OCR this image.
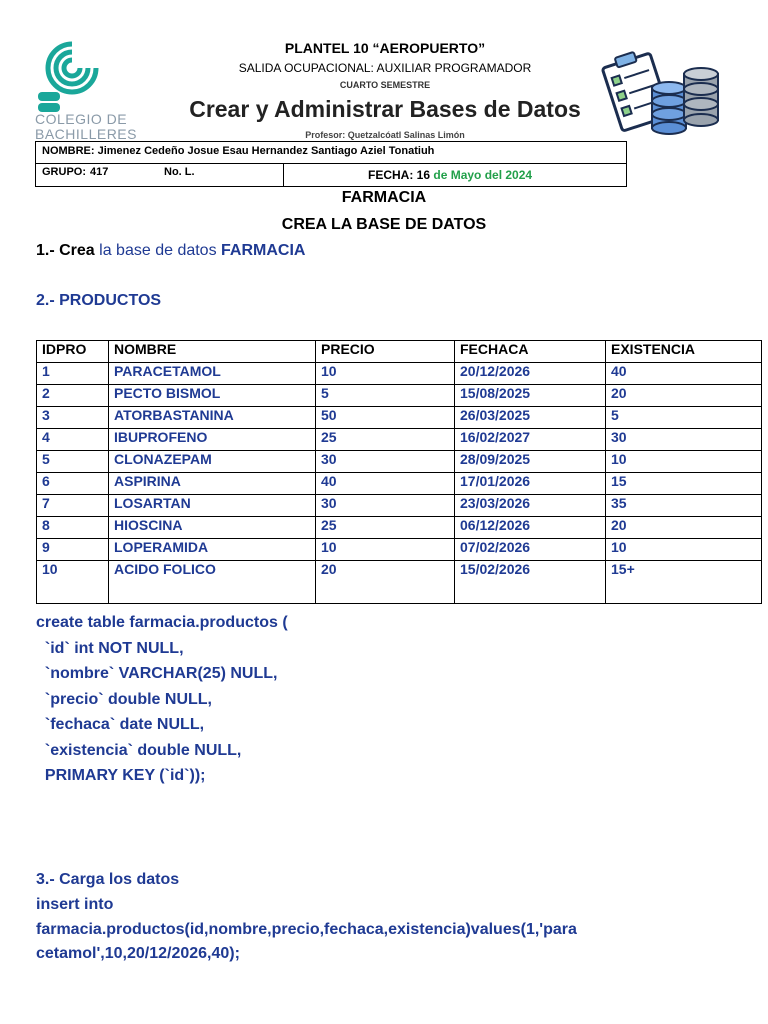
COLEGIO DE
BACHILLERES
PLANTEL 10 “AEROPUERTO”
SALIDA OCUPACIONAL: AUXILIAR PROGRAMADOR
CUARTO SEMESTRE
Crear y Administrar Bases de Datos
Profesor: Quetzalcóatl Salinas Limón
NOMBRE: Jimenez Cedeño Josue Esau Hernandez Santiago Aziel Tonatiuh
GRUPO: 417	No. L.	FECHA: 16 de Mayo del 2024
FARMACIA
CREA LA BASE DE DATOS
1.- Crea la base de datos FARMACIA
2.- PRODUCTOS
IDPRO	NOMBRE	PRECIO	FECHACA	EXISTENCIA
1	PARACETAMOL	10	20/12/2026	40
2	PECTO BISMOL	5	15/08/2025	20
3	ATORBASTANINA	50	26/03/2025	5
4	IBUPROFENO	25	16/02/2027	30
5	CLONAZEPAM	30	28/09/2025	10
6	ASPIRINA	40	17/01/2026	15
7	LOSARTAN	30	23/03/2026	35
8	HIOSCINA	25	06/12/2026	20
9	LOPERAMIDA	10	07/02/2026	10
10	ACIDO FOLICO	20	15/02/2026	15+
create table farmacia.productos (
`id` int NOT NULL,
`nombre` VARCHAR(25) NULL,
`precio` double NULL,
`fechaca` date NULL,
`existencia` double NULL,
PRIMARY KEY (`id`));
3.- Carga los datos
insert into
farmacia.productos(id,nombre,precio,fechaca,existencia)values(1,'para
cetamol',10,20/12/2026,40);
